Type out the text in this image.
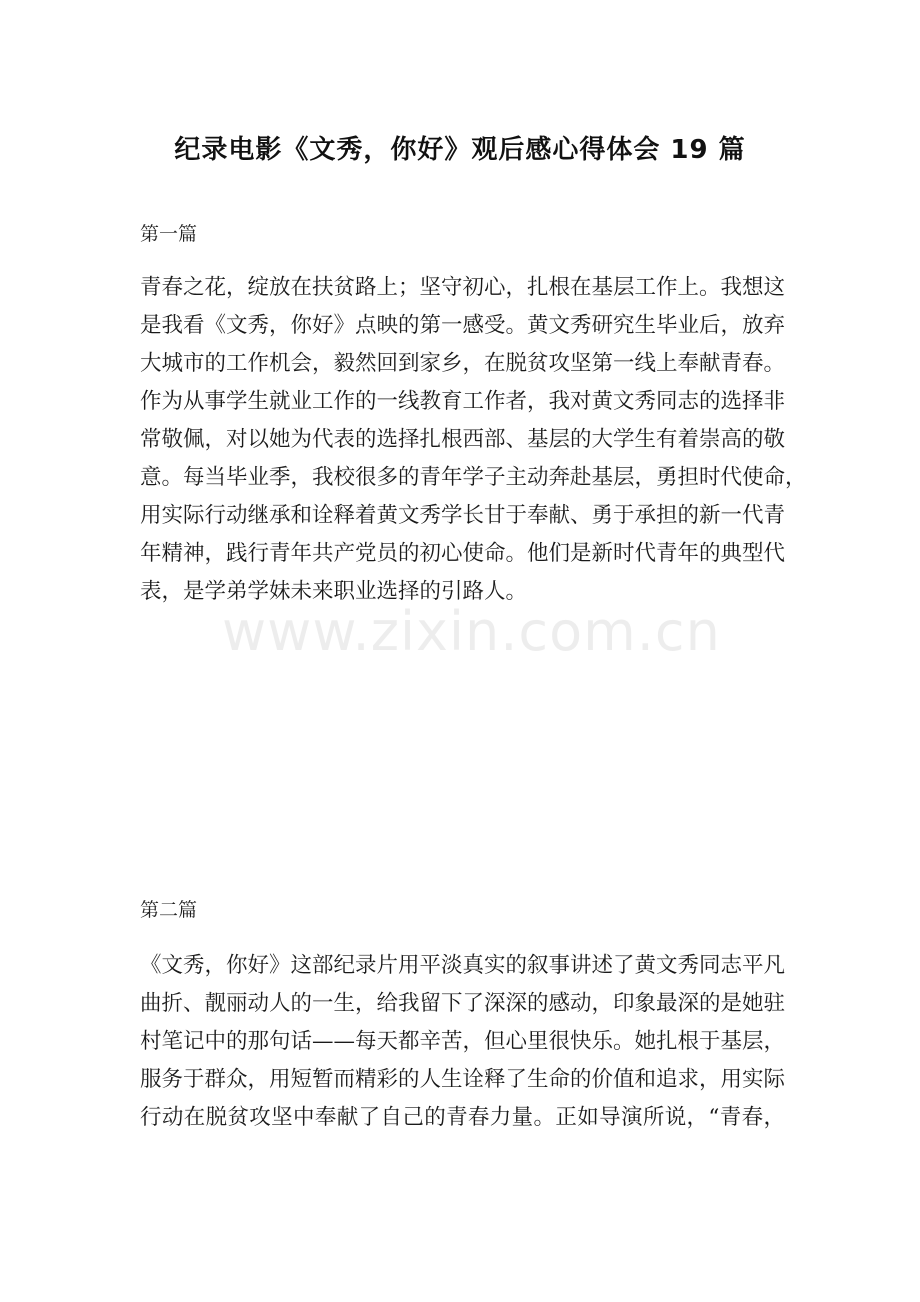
www.zixin.com.cn
纪录电影《文秀，你好》观后感心得体会 19 篇

第一篇

青春之花，绽放在扶贫路上；坚守初心，扎根在基层工作上。我想这
是我看《文秀，你好》点映的第一感受。黄文秀研究生毕业后，放弃
大城市的工作机会，毅然回到家乡，在脱贫攻坚第一线上奉献青春。
作为从事学生就业工作的一线教育工作者，我对黄文秀同志的选择非
常敬佩，对以她为代表的选择扎根西部、基层的大学生有着崇高的敬
意。每当毕业季，我校很多的青年学子主动奔赴基层，勇担时代使命，
用实际行动继承和诠释着黄文秀学长甘于奉献、勇于承担的新一代青
年精神，践行青年共产党员的初心使命。他们是新时代青年的典型代
表，是学弟学妹未来职业选择的引路人。

第二篇

《文秀，你好》这部纪录片用平淡真实的叙事讲述了黄文秀同志平凡
曲折、靓丽动人的一生，给我留下了深深的感动，印象最深的是她驻
村笔记中的那句话——每天都辛苦，但心里很快乐。她扎根于基层，
服务于群众，用短暂而精彩的人生诠释了生命的价值和追求，用实际
行动在脱贫攻坚中奉献了自己的青春力量。正如导演所说，“青春，
